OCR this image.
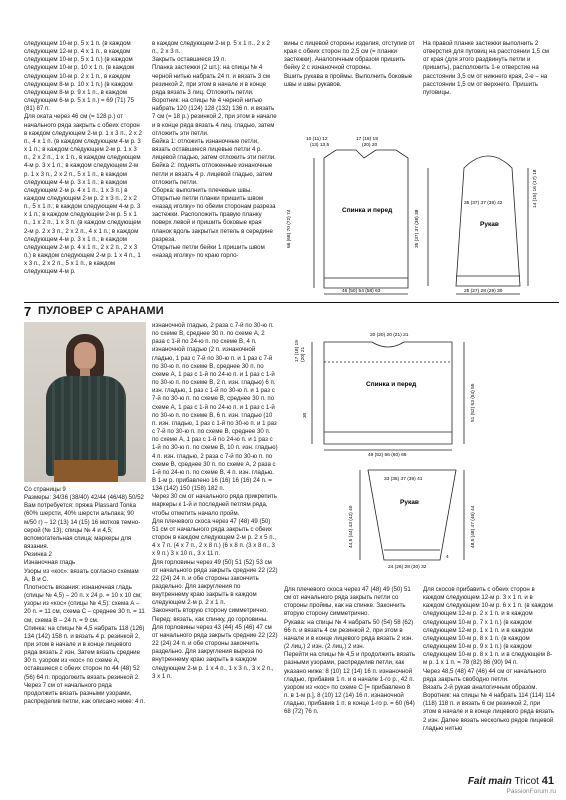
следующем 10-м р. 5 x 1 п. (в каждом следующем 12-м р. 4 x 1 п., в каждом следующем 10-м р. 5 x 1 п.) (в каждом следующем 10-м р. 10 x 1 п. (в каждом следующем 10-м р. 2 x 1 п., в каждом следующем 8-м р. 10 x 1 п.) (в каждом следующем 8-м р. 9 x 1 п., в каждом следующем 6-м р. 5 x 1 п.) = 69 (71) 75 (81) 87 п.
Для оката через 46 см (= 128 р.) от начального ряда закрыть с обеих сторон в каждом следующем 2-м р. 1 x 3 п., 2 x 2 п., 4 x 1 п. (в каждом следующем 4-м р. 3 x 1 п.; в каждом следующем 2-м р. 1 x 3 п., 2 x 2 п., 1 x 1 п., в каждом следующем 4-м р. 3 x 1 п.; в каждом следующем 2-м р. 1 x 3 п., 2 x 2 п., 5 x 1 п., в каждом следующем 4-м р. 3 x 1 п.; в каждом следующем 2-м р. 4 x 1 п., 1 x 3 п.) в каждом следующем 2-м р. 2 x 3 п., 2 x 2 п., 5 x 1 п.; в каждом следующем 4-м р. 3 x 1 п.; в каждом следующем 2-м р. 5 x 1 п., 1 x 2 п., 1 x 3 п. (в каждом следующем 2-м р. 2 x 3 п., 2 x 2 п., 4 x 1 п.; в каждом следующем 4-м р. 3 x 1 п.; в каждом следующем 2-м р. 4 x 1 п., 2 x 2 п., 2 x 3 п.) в каждом следующем 2-м р. 1 x 4 п., 1 x 3 п., 2 x 2 п., 5 x 1 п., в каждом следующем 4-м р.
в каждом следующем 2-м р. 5 x 1 п., 2 x 2 п., 2 x 3 п.
Закрыть оставшиеся 19 п.
Планка застежки (2 шт.): на спицы № 4 черной нитью набрать 24 п. и вязать 3 см резинкой 2, при этом в начале и в конце ряда вязать 3 лиц. Отложить петли.
Воротник: на спицы № 4 черной нитью набрать 120 (124) 128 (132) 136 п. и вязать 7 см (= 18 р.) резинкой 2, при этом в начале и в конце ряда вязать 4 лиц. гладью, затем отложить эти петли.
Бейка 1: отложить изнаночные петли, вязать оставшиеся лицевые петли 4 р. лицевой гладью, затем отложить эти петли.
Бейка 2: поднять отложенные изнаночные петли и вязать 4 р. лицевой гладью, затем отложить петли.
Сборка: выполнить плечевые швы. Открытые петли планки пришить швом «назад иголку» по обеим сторонам разреза застежки. Расположить правую планку поверх левой и пришить боковые края планок вдоль закрытых петель в середине разреза.
Открытые петли бейки 1 пришить швом «назад иголку» по краю горло-
вины с лицевой стороны изделия, отступив от края с обеих сторон по 2,5 см (= планки застежки). Аналогичным образом пришить бейку 2 с изнаночной стороны.
Вшить рукава в проймы. Выполнить боковые швы и швы рукавов.
На правой планке застежки выполнить 2 отверстия для пуговиц на расстоянии 1,5 см от края (для этого раздвинуть петли и пришить), расположить 1-е отверстие на расстоянии 3,5 см от нижнего края, 2-е – на расстоянии 1,5 см от верхнего. Пришить пуговицы.
Спинка и перед
Рукав
10 (11) 12
(13) 13,5
17 (18) 19
(20) 20
46 (50) 54 (58) 63
66 (68) 70 (72) 74	35 (37) 37 (38) 38
35 (37) 37 (39) 42	14 (15) 16 (17) 18
25 (27) 28 (29) 30
7 ПУЛОВЕР С АРАНАМИ
Со страницы 9
Размеры: 34/36 (38/40) 42/44 (46/48) 50/52
Вам потребуется: пряжа Plassard Tonka (60% шерсти, 40% шерсти альпака; 90 м/50 г) – 12 (13) 14 (15) 16 мотков темно-серой (№ 13); спицы № 4 и 4,5; вспомогательная спица; маркеры для вязания.
Резинка 2
Изнаночная гладь
Узоры из «кос»: вязать согласно схемам А, В и С.
Плотность вязания: изнаночная гладь (спицы № 4,5) – 20 п. x 24 р. = 10 x 10 см; узоры из «кос» (спицы № 4,5): схема А – 20 п. = 11 см, схема С – среднее 30 п. = 11 см, схема В – 24 п. = 9 см.
Спинка: на спицы № 4,5 набрать 118 (126) 134 (142) 158 п. и вязать 4 р. резинкой 2, при этом в начале и в конце лицевого ряда вязать 2 изн. Затем вязать средние 30 п. узором из «кос» по схеме А, оставшиеся с обеих сторон по 44 (48) 52 (56) 64 п. продолжить вязать резинкой 2.
Через 7 см от начального ряда продолжить вязать разными узорами, распределив петли, как описано ниже: 4 п.
изнаночной гладью, 2 раза с 7-й по 30-ю п. по схеме В, среднее 30 п. по схеме А, 2 раза с 1-й по 24-ю п. по схеме В, 4 п. изнаночной гладью (2 п. изнаночной гладью, 1 раз с 7-й по 30-ю п. и 1 раз с 7-й по 30-ю п. по схеме В, среднее 30 п. по схеме А, 1 раз с 1-й по 24-ю п. и 1 раз с 1-й по 30-ю п. по схеме В, 2 п. изн. гладью) 6 п. изн. гладью, 1 раз с 1-й по 30-ю п. и 1 раз с 7-й по 30-ю п. по схеме В, среднее 30 п. по схеме А, 1 раз с 1-й по 24-ю п. и 1 раз с 1-й по 30-ю п. по схеме В, 6 п. изн. гладью (10 п. изн. гладью, 1 раз с 1-й по 30-ю п. и 1 раз с 7-й по 30-ю п. по схеме В, среднее 30 п. по схеме А, 1 раз с 1-й по 24-ю п. и 1 раз с 1-й по 30-ю п. по схеме В, 10 п. изн. гладью) 4 п. изн. гладью, 2 раза с 7-й по 30-ю п. по схеме В, среднее 30 п. по схеме А, 2 раза с 1-й по 24-ю п. по схеме В, 4 п. изн. гладью.
В 1-м р. прибавлено 16 (16) 16 (16) 24 п. = 134 (142) 150 (158) 182 п.
Через 30 см от начального ряда прикрепить маркеры к 1-й и последней петлям ряда, чтобы отметить начало пройм.
Для плечевого скоса через 47 (48) 49 (50) 51 см от начального ряда закрыть с обеих сторон в каждом следующем 2-м р. 2 x 5 п., 4 x 7 п. (4 x 7 п., 2 x 8 п.) (6 x 8 п. (3 x 8 п., 3 x 9 п.) 3 x 10 п., 3 x 11 п.
Для горловины через 49 (50) 51 (52) 53 см от начального ряда закрыть средние 22 (22) 22 (24) 24 п. и обе стороны закончить раздельно. Для закругления по внутреннему краю закрыть в каждом следующем 2-м р. 2 x 1 п.
Закончить вторую сторону симметрично.
Перед: вязать, как спинку, до горловины.
Для горловины через 43 (44) 45 (46) 47 см от начального ряда закрыть средние 22 (22) 22 (24) 24 п. и обе стороны закончить раздельно. Для закругления выреза по внутреннему краю закрыть в каждом следующем 2-м р. 1 x 4 п., 1 x 3 п., 3 x 2 п., 3 x 1 п.
Для плечевого скоса через 47 (48) 49 (50) 51 см от начального ряда закрыть петли со стороны проймы, как на спинке. Закончить вторую сторону симметрично.
Рукава: на спицы № 4 набрать 50 (54) 58 (62) 66 п. и вязать 4 см резинкой 2, при этом в начале и в конце лицевого ряда вязать 2 изн. (2 лиц.) 2 изн. (2 лиц.) 2 изн.
Перейти на спицы № 4,5 и продолжить вязать разными узорами, распределив петли, как указано ниже: 8 (10) 12 (14) 16 п. изнаночной гладью, прибавив 1 п. и в начале 1-го р., 42 п. узором из «кос» по схеме С [= прибавлено 8 п. в 1-м р.], 8 (10) 12 (14) 16 п. изнаночной гладью, прибавив 1 п. в конце 1-го р. = 60 (64) 68 (72) 76 п.
Для скосов прибавить с обеих сторон в каждом следующем 12-м р. 3 x 1 п. и в каждом следующем 10-м р. 6 x 1 п. (в каждом следующем 12-м р. 2 x 1 п. и в каждом следующем 10-м р. 7 x 1 п.) (в каждом следующем 12-м р. 1 x 1 п. и в каждом следующем 10-м р. 8 x 1 п. (в каждом следующем 10-м р. 9 x 1 п.) (в каждом следующем 10-м р. 8 x 1 п. и в следующем 8-м р. 1 x 1 п. = 78 (82) 86 (90) 94 п.
Через 48,5 (48) 47 (46) 44 см от начального ряда закрыть свободно петли.
Вязать 2-й рукав аналогичным образом.
Воротник: на спицы № 4 набрать 114 (114) 114 (118) 118 п. и вязать 6 см резинкой 2, при этом в начале и в конце лицевого ряда вязать 2 изн. Далее вязать несколько рядов лицевой гладью нитью
20 (20) 20 (21) 21
17 (18) 19 (20) 21
Спинка и перед
30	51 (52) 53 (54) 55
49 (52) 56 (60) 66
33 (35) 37 (39) 41
Рукав
44,5 (44) 43 (42) 40	48,5 (48) 47 (46) 44
24 (26) 28 (30) 32
4
Fait main Tricot 41
PassionForum.ru
